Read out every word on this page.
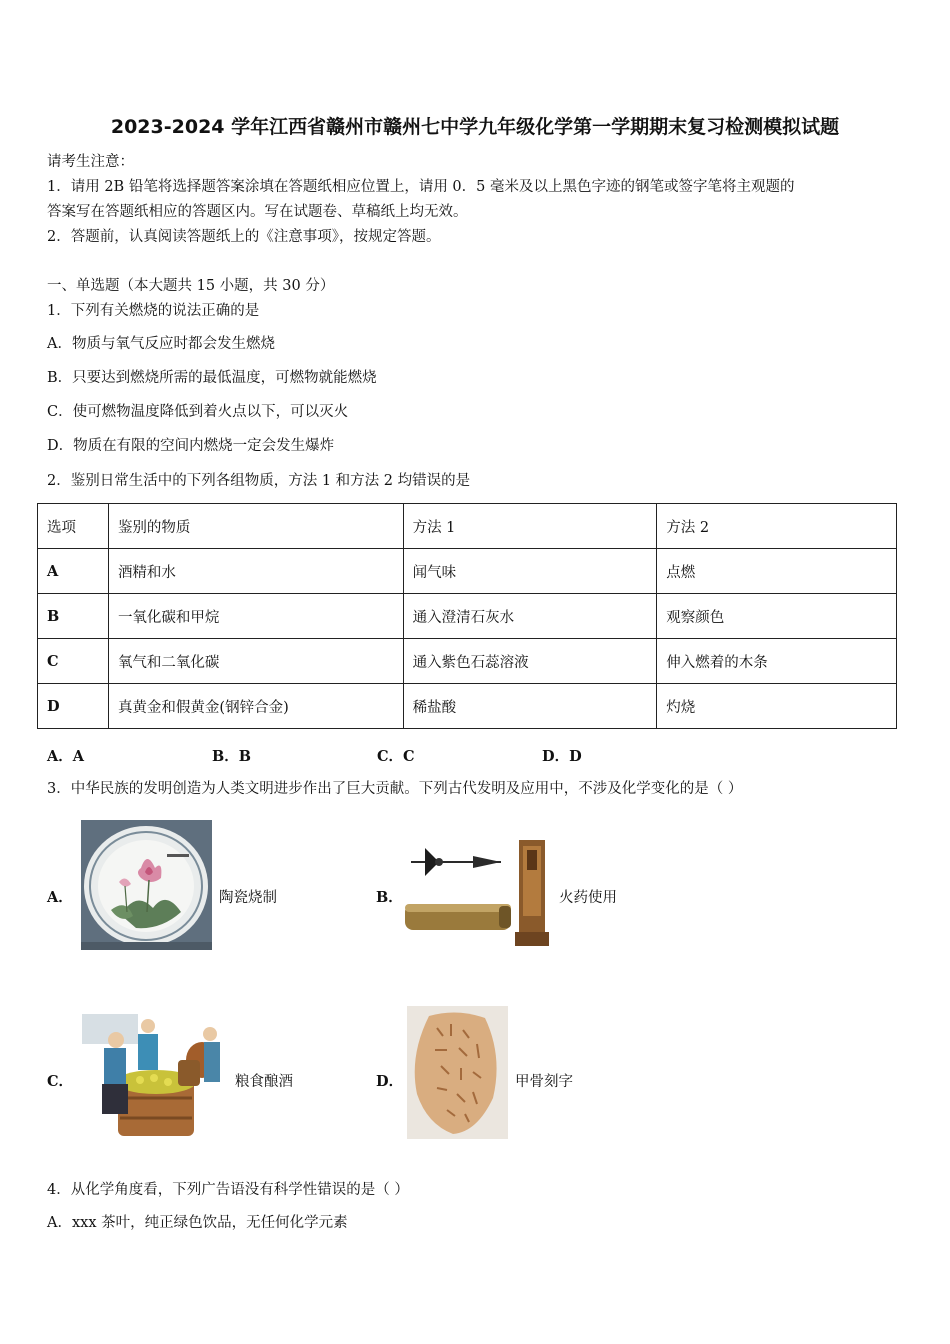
2023-2024 学年江西省赣州市赣州七中学九年级化学第一学期期末复习检测模拟试题
请考生注意：
1．请用 2B 铅笔将选择题答案涂填在答题纸相应位置上，请用 0．5 毫米及以上黑色字迹的钢笔或签字笔将主观题的
答案写在答题纸相应的答题区内。写在试题卷、草稿纸上均无效。
2．答题前，认真阅读答题纸上的《注意事项》，按规定答题。
一、单选题（本大题共 15 小题，共 30 分）
1．下列有关燃烧的说法正确的是
A．物质与氧气反应时都会发生燃烧
B．只要达到燃烧所需的最低温度，可燃物就能燃烧
C．使可燃物温度降低到着火点以下，可以灭火
D．物质在有限的空间内燃烧一定会发生爆炸
2．鉴别日常生活中的下列各组物质，方法 1 和方法 2 均错误的是
选项	鉴别的物质	方法 1	方法 2
A	酒精和水	闻气味	点燃
B	一氧化碳和甲烷	通入澄清石灰水	观察颜色
C	氧气和二氧化碳	通入紫色石蕊溶液	伸入燃着的木条
D	真黄金和假黄金(钢锌合金)	稀盐酸	灼烧
A．A	B．B	C．C	D．D
3．中华民族的发明创造为人类文明进步作出了巨大贡献。下列古代发明及应用中，不涉及化学变化的是（ ）
A．	陶瓷烧制	B．	火药使用
C．	粮食酿酒	D．	甲骨刻字
4．从化学角度看，下列广告语没有科学性错误的是（ ）
A．xxx 茶叶，纯正绿色饮品，无任何化学元素
